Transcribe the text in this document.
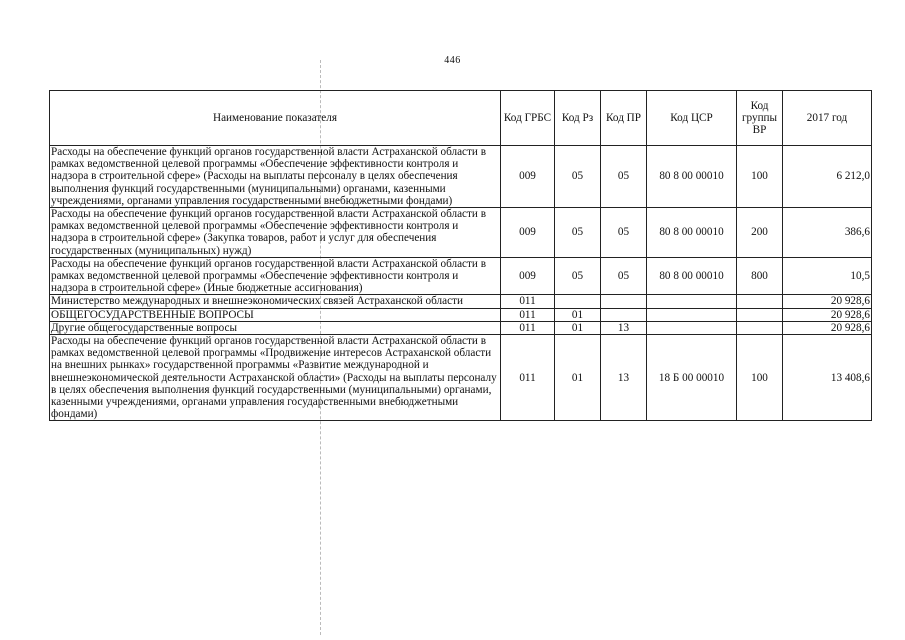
446
Наименование показателя	Код ГРБС	Код Рз	Код ПР	Код ЦСР	Код группы ВР	2017 год
Расходы на обеспечение функций органов государственной власти Астраханской области в рамках ведомственной целевой программы «Обеспечение эффективности контроля и надзора в строительной сфере» (Расходы на выплаты персоналу в целях обеспечения выполнения функций государственными (муниципальными) органами, казенными учреждениями, органами управления государственными внебюджетными фондами)	009	05	05	80 8 00 00010	100	6 212,0
Расходы на обеспечение функций органов государственной власти Астраханской области в рамках ведомственной целевой программы «Обеспечение эффективности контроля и надзора в строительной сфере» (Закупка товаров, работ и услуг для обеспечения государственных (муниципальных) нужд)	009	05	05	80 8 00 00010	200	386,6
Расходы на обеспечение функций органов государственной власти Астраханской области в рамках ведомственной целевой программы «Обеспечение эффективности контроля и надзора в строительной сфере» (Иные бюджетные ассигнования)	009	05	05	80 8 00 00010	800	10,5
Министерство международных и внешнеэкономических связей Астраханской области	011					20 928,6
ОБЩЕГОСУДАРСТВЕННЫЕ ВОПРОСЫ	011	01				20 928,6
Другие общегосударственные вопросы	011	01	13			20 928,6
Расходы на обеспечение функций органов государственной власти Астраханской области в рамках ведомственной целевой программы «Продвижение интересов Астраханской области на внешних рынках» государственной программы «Развитие международной и внешнеэкономической деятельности Астраханской области» (Расходы на выплаты персоналу в целях обеспечения выполнения функций государственными (муниципальными) органами, казенными учреждениями, органами управления государственными внебюджетными фондами)	011	01	13	18 Б 00 00010	100	13 408,6
